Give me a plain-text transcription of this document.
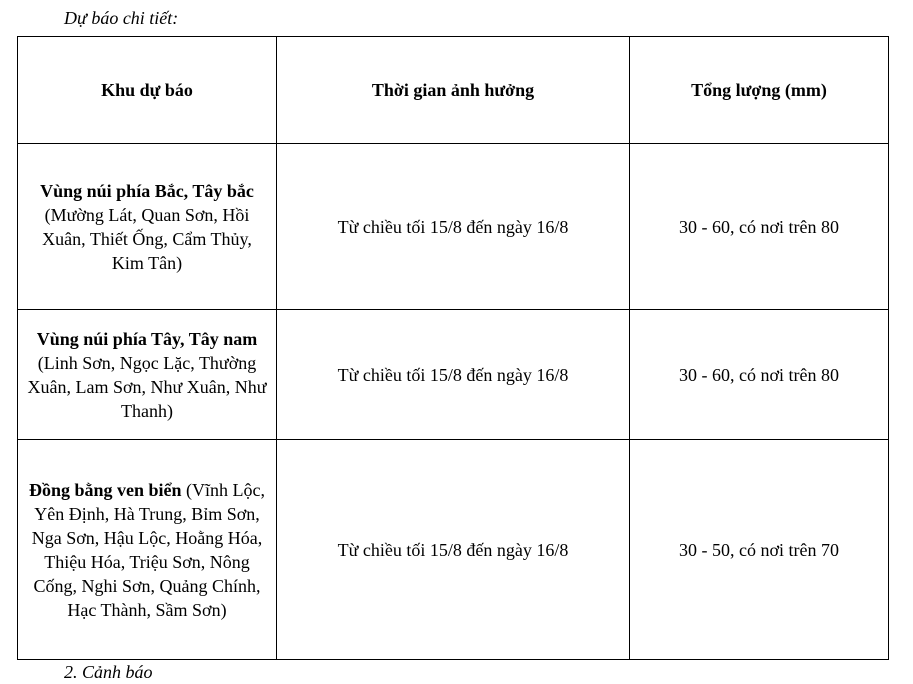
Dự báo chi tiết:
Khu dự báo	Thời gian ảnh hưởng	Tổng lượng (mm)
Vùng núi phía Bắc, Tây bắc (Mường Lát, Quan Sơn, Hồi Xuân, Thiết Ống, Cẩm Thủy, Kim Tân)	Từ chiều tối 15/8 đến ngày 16/8	30 - 60, có nơi trên 80
Vùng núi phía Tây, Tây nam (Linh Sơn, Ngọc Lặc, Thường Xuân, Lam Sơn, Như Xuân, Như Thanh)	Từ chiều tối 15/8 đến ngày 16/8	30 - 60, có nơi trên 80
Đồng bằng ven biển (Vĩnh Lộc, Yên Định, Hà Trung, Bỉm Sơn, Nga Sơn, Hậu Lộc, Hoằng Hóa, Thiệu Hóa, Triệu Sơn, Nông Cống, Nghi Sơn, Quảng Chính, Hạc Thành, Sầm Sơn)	Từ chiều tối 15/8 đến ngày 16/8	30 - 50, có nơi trên 70
2. Cảnh báo
